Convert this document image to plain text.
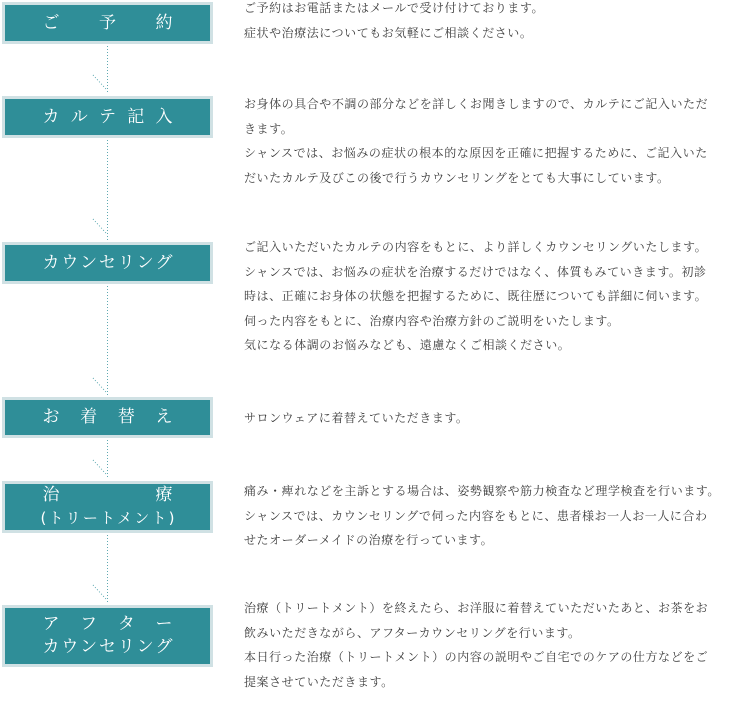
ご 予 約
ご予約はお電話またはメールで受け付けております。
症状や治療法についてもお気軽にご相談ください。
カ ル テ 記 入
お身体の具合や不調の部分などを詳しくお聞きしますので、カルテにご記入いただ
きます。
シャンスでは、お悩みの症状の根本的な原因を正確に把握するために、ご記入いた
だいたカルテ及びこの後で行うカウンセリングをとても大事にしています。
カ ウ ン セ リ ン グ
ご記入いただいたカルテの内容をもとに、より詳しくカウンセリングいたします。
シャンスでは、お悩みの症状を治療するだけではなく、体質もみていきます。初診
時は、正確にお身体の状態を把握するために、既往歴についても詳細に伺います。
伺った内容をもとに、治療内容や治療方針のご説明をいたします。
気になる体調のお悩みなども、遠慮なくご相談ください。
お 着 替 え	サロンウェアに着替えていただきます。
治	療
( ト リ ー ト メ ン ト )
痛み・痺れなどを主訴とする場合は、姿勢観察や筋力検査など理学検査を行います。
シャンスでは、カウンセリングで伺った内容をもとに、患者様お一人お一人に合わ
せたオーダーメイドの治療を行っています。
ア フ タ ー
カ ウ ン セ リ ン グ
治療（トリートメント）を終えたら、お洋服に着替えていただいたあと、お茶をお
飲みいただきながら、アフターカウンセリングを行います。
本日行った治療（トリートメント）の内容の説明やご自宅でのケアの仕方などをご
提案させていただきます。
